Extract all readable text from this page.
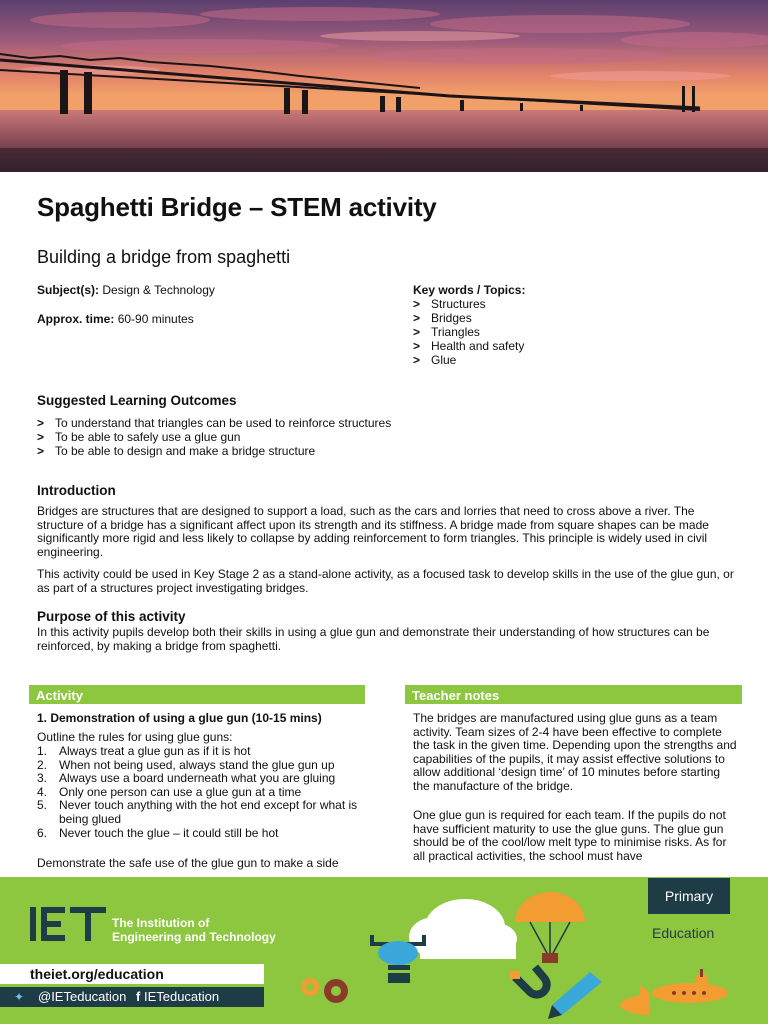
Spaghetti Bridge – STEM activity
Building a bridge from spaghetti
Subject(s): Design & Technology
Approx. time: 60-90 minutes
Key words / Topics:
> Structures
> Bridges
> Triangles
> Health and safety
> Glue
Suggested Learning Outcomes
> To understand that triangles can be used to reinforce structures
> To be able to safely use a glue gun
> To be able to design and make a bridge structure
Introduction
Bridges are structures that are designed to support a load, such as the cars and lorries that need to cross above a river. The structure of a bridge has a significant affect upon its strength and its stiffness. A bridge made from square shapes can be made significantly more rigid and less likely to collapse by adding reinforcement to form triangles. This principle is widely used in civil engineering.
This activity could be used in Key Stage 2 as a stand-alone activity, as a focused task to develop skills in the use of the glue gun, or as part of a structures project investigating bridges.
Purpose of this activity
In this activity pupils develop both their skills in using a glue gun and demonstrate their understanding of how structures can be reinforced, by making a bridge from spaghetti.
Activity
1. Demonstration of using a glue gun (10-15 mins)
Outline the rules for using glue guns:
1. Always treat a glue gun as if it is hot
2. When not being used, always stand the glue gun up
3. Always use a board underneath what you are gluing
4. Only one person can use a glue gun at a time
5. Never touch anything with the hot end except for what is being glued
6. Never touch the glue – it could still be hot
Demonstrate the safe use of the glue gun to make a side
Teacher notes
The bridges are manufactured using glue guns as a team activity. Team sizes of 2-4 have been effective to complete the task in the given time. Depending upon the strengths and capabilities of the pupils, it may assist effective solutions to allow additional ‘design time’ of 10 minutes before starting the manufacture of the bridge.
One glue gun is required for each team. If the pupils do not have sufficient maturity to use the glue guns. The glue gun should be of the cool/low melt type to minimise risks. As for all practical activities, the school must have
The Institution of
Engineering and Technology
theiet.org/education
✦ @IETeducation f IETeducation
Primary
Education
